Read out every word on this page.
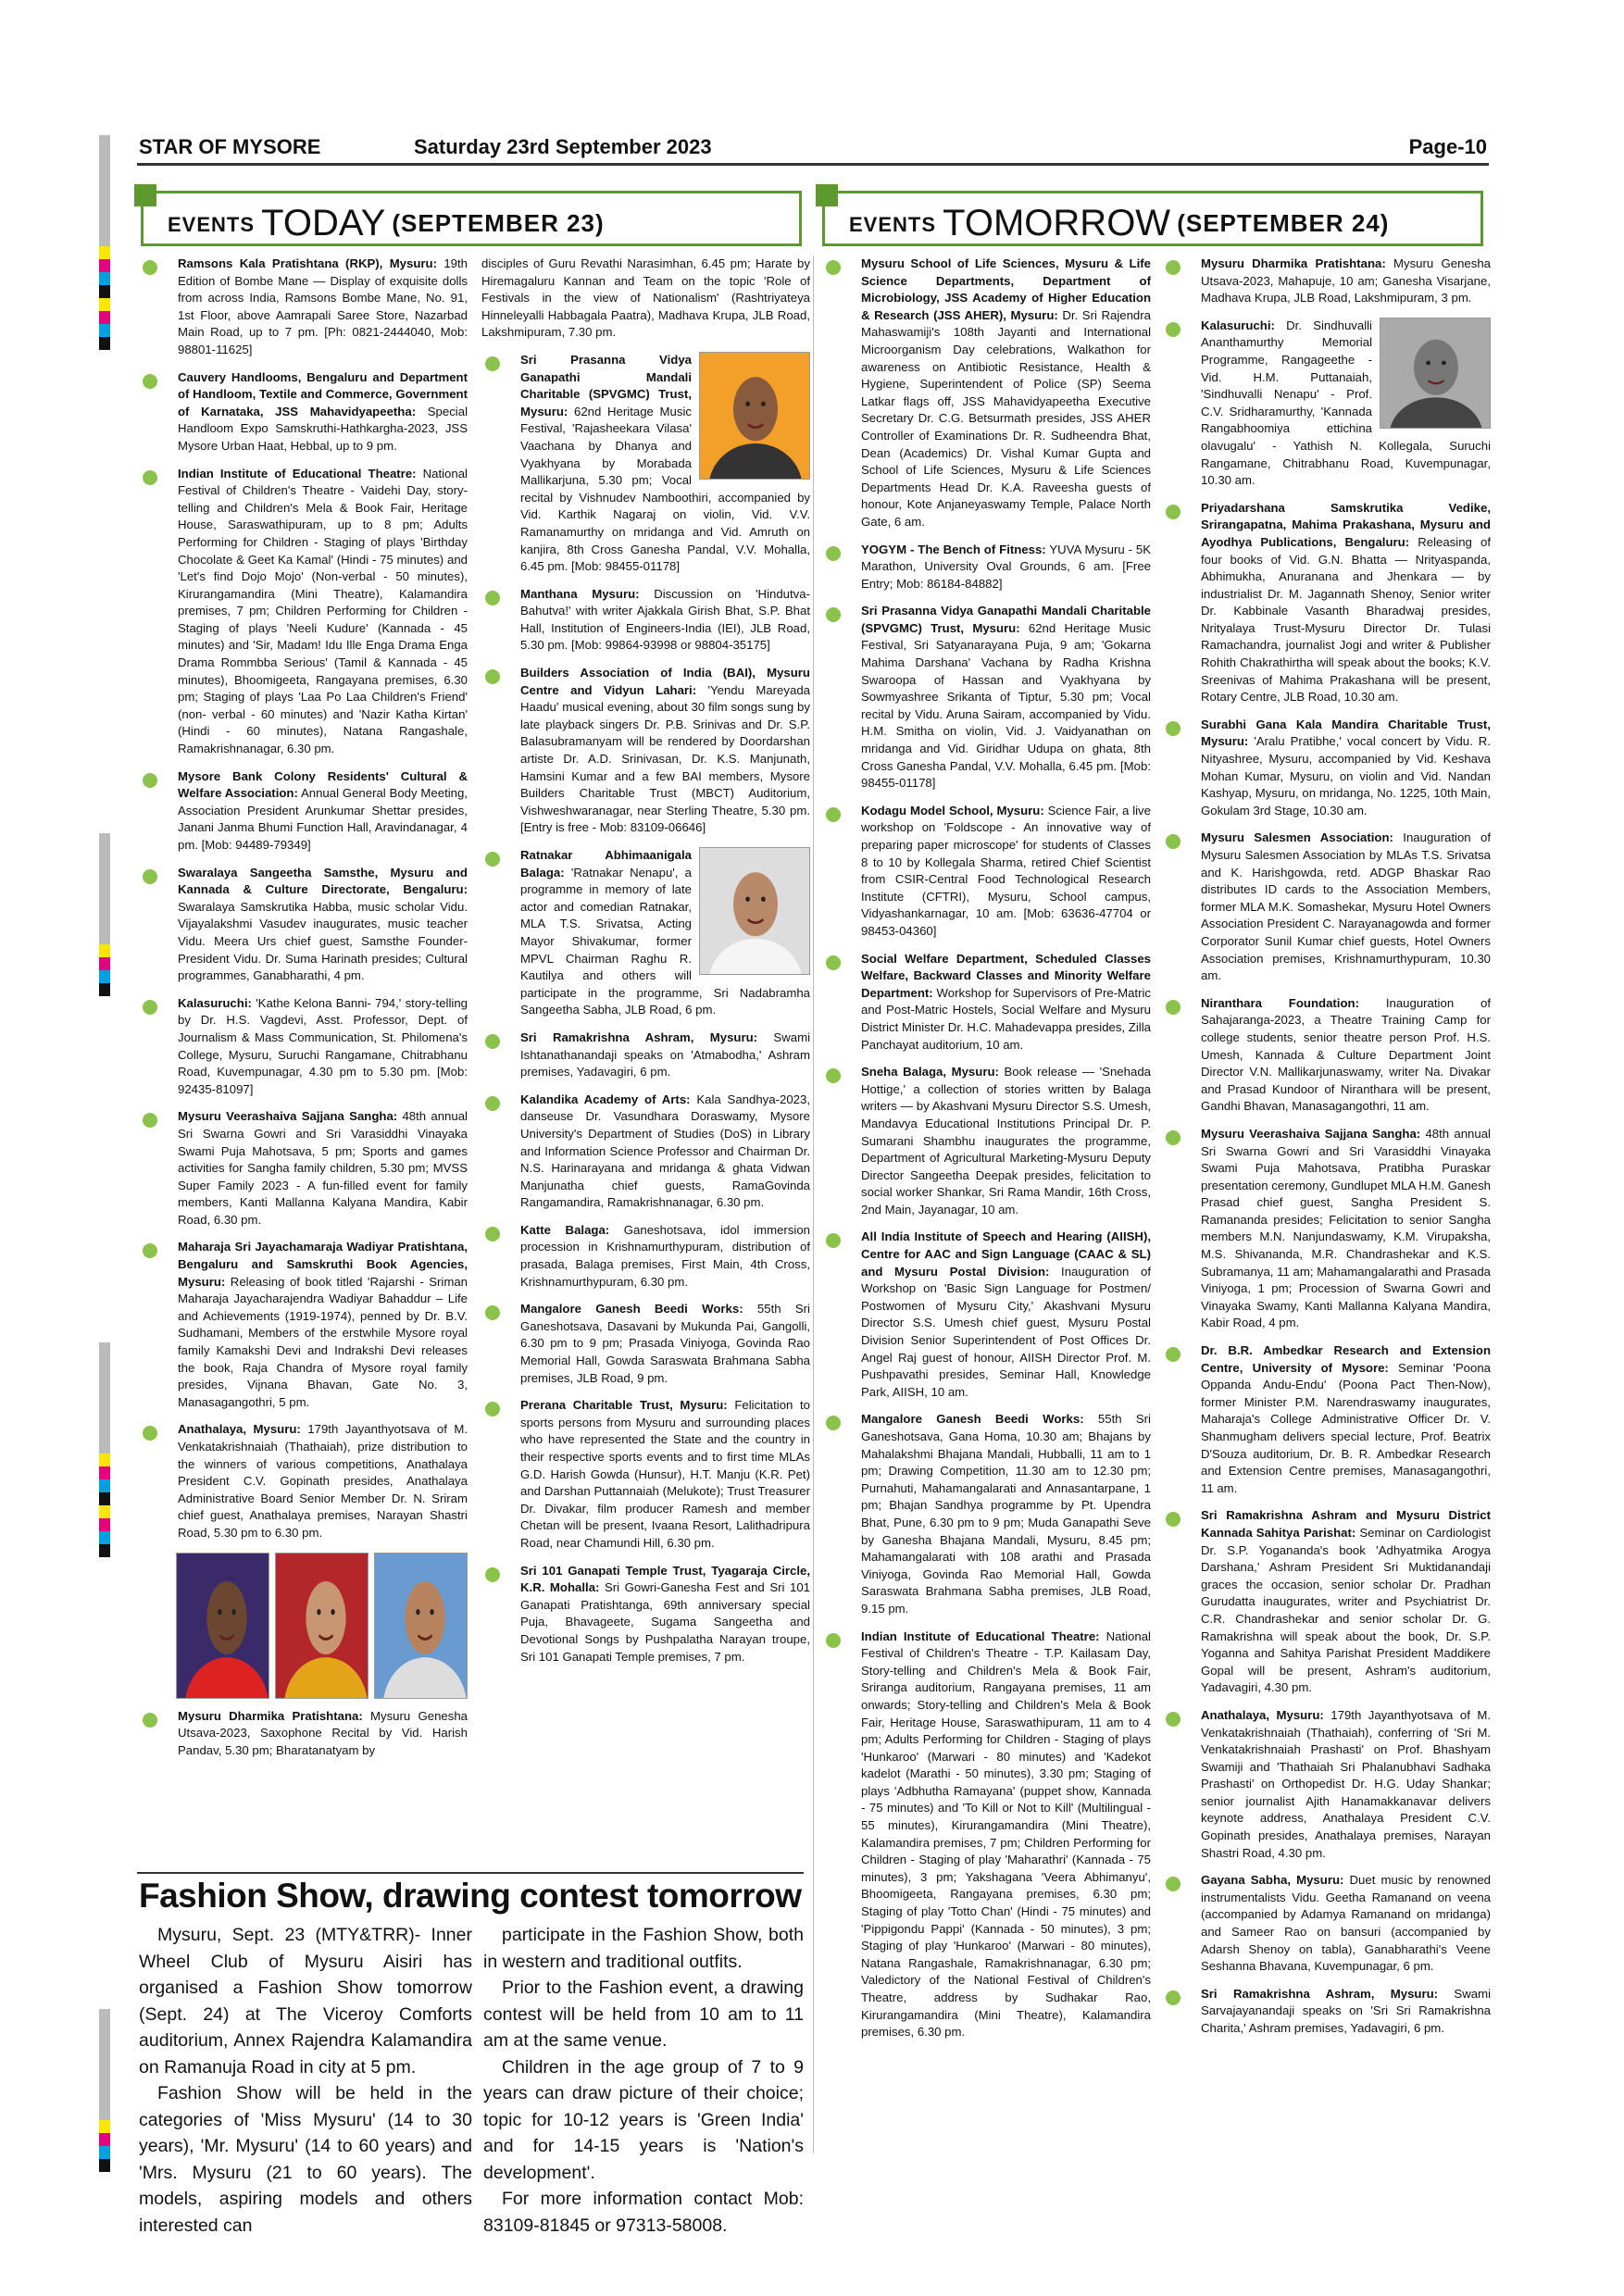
STAR OF MYSORE	Saturday 23rd September 2023	Page-10
EVENTS TODAY (SEPTEMBER 23)	EVENTS TOMORROW (SEPTEMBER 24)
Ramsons Kala Pratishtana (RKP), Mysuru: 19th Edition of Bombe Mane — Display of exquisite dolls from across India, Ramsons Bombe Mane, No. 91, 1st Floor, above Aamrapali Saree Store, Nazarbad Main Road, up to 7 pm. [Ph: 0821-2444040, Mob: 98801-11625]
Cauvery Handlooms, Bengaluru and Department of Handloom, Textile and Commerce, Government of Karnataka, JSS Mahavidyapeetha: Special Handloom Expo Samskruthi-Hathkargha-2023, JSS Mysore Urban Haat, Hebbal, up to 9 pm.
Indian Institute of Educational Theatre: National Festival of Children's Theatre - Vaidehi Day, story-telling and Children's Mela & Book Fair, Heritage House, Saraswathipuram, up to 8 pm; Adults Performing for Children - Staging of plays 'Birthday Chocolate & Geet Ka Kamal' (Hindi - 75 minutes) and 'Let's find Dojo Mojo' (Non-verbal - 50 minutes), Kirurangamandira (Mini Theatre), Kalamandira premises, 7 pm; Children Performing for Children - Staging of plays 'Neeli Kudure' (Kannada - 45 minutes) and 'Sir, Madam! Idu Ille Enga Drama Enga Drama Rommbba Serious' (Tamil & Kannada - 45 minutes), Bhoomigeeta, Rangayana premises, 6.30 pm; Staging of plays 'Laa Po Laa Children's Friend' (non- verbal - 60 minutes) and 'Nazir Katha Kirtan' (Hindi - 60 minutes), Natana Rangashale, Ramakrishnanagar, 6.30 pm.
Mysore Bank Colony Residents' Cultural & Welfare Association: Annual General Body Meeting, Association President Arunkumar Shettar presides, Janani Janma Bhumi Function Hall, Aravindanagar, 4 pm. [Mob: 94489-79349]
Swaralaya Sangeetha Samsthe, Mysuru and Kannada & Culture Directorate, Bengaluru: Swaralaya Samskrutika Habba, music scholar Vidu. Vijayalakshmi Vasudev inaugurates, music teacher Vidu. Meera Urs chief guest, Samsthe Founder-President Vidu. Dr. Suma Harinath presides; Cultural programmes, Ganabharathi, 4 pm.
Kalasuruchi: 'Kathe Kelona Banni- 794,' story-telling by Dr. H.S. Vagdevi, Asst. Professor, Dept. of Journalism & Mass Communication, St. Philomena's College, Mysuru, Suruchi Rangamane, Chitrabhanu Road, Kuvempunagar, 4.30 pm to 5.30 pm. [Mob: 92435-81097]
Mysuru Veerashaiva Sajjana Sangha: 48th annual Sri Swarna Gowri and Sri Varasiddhi Vinayaka Swami Puja Mahotsava, 5 pm; Sports and games activities for Sangha family children, 5.30 pm; MVSS Super Family 2023 - A fun-filled event for family members, Kanti Mallanna Kalyana Mandira, Kabir Road, 6.30 pm.
Maharaja Sri Jayachamaraja Wadiyar Pratishtana, Bengaluru and Samskruthi Book Agencies, Mysuru: Releasing of book titled 'Rajarshi - Sriman Maharaja Jayacharajendra Wadiyar Bahaddur – Life and Achievements (1919-1974), penned by Dr. B.V. Sudhamani, Members of the erstwhile Mysore royal family Kamakshi Devi and Indrakshi Devi releases the book, Raja Chandra of Mysore royal family presides, Vijnana Bhavan, Gate No. 3, Manasagangothri, 5 pm.
Anathalaya, Mysuru: 179th Jayanthyotsava of M. Venkatakrishnaiah (Thathaiah), prize distribution to the winners of various competitions, Anathalaya President C.V. Gopinath presides, Anathalaya Administrative Board Senior Member Dr. N. Sriram chief guest, Anathalaya premises, Narayan Shastri Road, 5.30 pm to 6.30 pm.
Mysuru Dharmika Pratishtana: Mysuru Genesha Utsava-2023, Saxophone Recital by Vid. Harish Pandav, 5.30 pm; Bharatanatyam by
disciples of Guru Revathi Narasimhan, 6.45 pm; Harate by Hiremagaluru Kannan and Team on the topic 'Role of Festivals in the view of Nationalism' (Rashtriyateya Hinneleyalli Habbagala Paatra), Madhava Krupa, JLB Road, Lakshmipuram, 7.30 pm.
Sri Prasanna Vidya Ganapathi Mandali Charitable (SPVGMC) Trust, Mysuru: 62nd Heritage Music Festival, 'Rajasheekara Vilasa' Vaachana by Dhanya and Vyakhyana by Morabada Mallikarjuna, 5.30 pm; Vocal recital by Vishnudev Namboothiri, accompanied by Vid. Karthik Nagaraj on violin, Vid. V.V. Ramanamurthy on mridanga and Vid. Amruth on kanjira, 8th Cross Ganesha Pandal, V.V. Mohalla, 6.45 pm. [Mob: 98455-01178]
Manthana Mysuru: Discussion on 'Hindutva-Bahutva!' with writer Ajakkala Girish Bhat, S.P. Bhat Hall, Institution of Engineers-India (IEI), JLB Road, 5.30 pm. [Mob: 99864-93998 or 98804-35175]
Builders Association of India (BAI), Mysuru Centre and Vidyun Lahari: 'Yendu Mareyada Haadu' musical evening, about 30 film songs sung by late playback singers Dr. P.B. Srinivas and Dr. S.P. Balasubramanyam will be rendered by Doordarshan artiste Dr. A.D. Srinivasan, Dr. K.S. Manjunath, Hamsini Kumar and a few BAI members, Mysore Builders Charitable Trust (MBCT) Auditorium, Vishweshwaranagar, near Sterling Theatre, 5.30 pm. [Entry is free - Mob: 83109-06646]
Ratnakar Abhimaanigala Balaga: 'Ratnakar Nenapu', a programme in memory of late actor and comedian Ratnakar, MLA T.S. Srivatsa, Acting Mayor Shivakumar, former MPVL Chairman Raghu R. Kautilya and others will participate in the programme, Sri Nadabramha Sangeetha Sabha, JLB Road, 6 pm.
Sri Ramakrishna Ashram, Mysuru: Swami Ishtanathanandaji speaks on 'Atmabodha,' Ashram premises, Yadavagiri, 6 pm.
Kalandika Academy of Arts: Kala Sandhya-2023, danseuse Dr. Vasundhara Doraswamy, Mysore University's Department of Studies (DoS) in Library and Information Science Professor and Chairman Dr. N.S. Harinarayana and mridanga & ghata Vidwan Manjunatha chief guests, RamaGovinda Rangamandira, Ramakrishnanagar, 6.30 pm.
Katte Balaga: Ganeshotsava, idol immersion procession in Krishnamurthypuram, distribution of prasada, Balaga premises, First Main, 4th Cross, Krishnamurthypuram, 6.30 pm.
Mangalore Ganesh Beedi Works: 55th Sri Ganeshotsava, Dasavani by Mukunda Pai, Gangolli, 6.30 pm to 9 pm; Prasada Viniyoga, Govinda Rao Memorial Hall, Gowda Saraswata Brahmana Sabha premises, JLB Road, 9 pm.
Prerana Charitable Trust, Mysuru: Felicitation to sports persons from Mysuru and surrounding places who have represented the State and the country in their respective sports events and to first time MLAs G.D. Harish Gowda (Hunsur), H.T. Manju (K.R. Pet) and Darshan Puttannaiah (Melukote); Trust Treasurer Dr. Divakar, film producer Ramesh and member Chetan will be present, Ivaana Resort, Lalithadripura Road, near Chamundi Hill, 6.30 pm.
Sri 101 Ganapati Temple Trust, Tyagaraja Circle, K.R. Mohalla: Sri Gowri-Ganesha Fest and Sri 101 Ganapati Pratishtanga, 69th anniversary special Puja, Bhavageete, Sugama Sangeetha and Devotional Songs by Pushpalatha Narayan troupe, Sri 101 Ganapati Temple premises, 7 pm.
Mysuru School of Life Sciences, Mysuru & Life Science Departments, Department of Microbiology, JSS Academy of Higher Education & Research (JSS AHER), Mysuru: Dr. Sri Rajendra Mahaswamiji's 108th Jayanti and International Microorganism Day celebrations, Walkathon for awareness on Antibiotic Resistance, Health & Hygiene, Superintendent of Police (SP) Seema Latkar flags off, JSS Mahavidyapeetha Executive Secretary Dr. C.G. Betsurmath presides, JSS AHER Controller of Examinations Dr. R. Sudheendra Bhat, Dean (Academics) Dr. Vishal Kumar Gupta and School of Life Sciences, Mysuru & Life Sciences Departments Head Dr. K.A. Raveesha guests of honour, Kote Anjaneyaswamy Temple, Palace North Gate, 6 am.
YOGYM - The Bench of Fitness: YUVA Mysuru - 5K Marathon, University Oval Grounds, 6 am. [Free Entry; Mob: 86184-84882]
Sri Prasanna Vidya Ganapathi Mandali Charitable (SPVGMC) Trust, Mysuru: 62nd Heritage Music Festival, Sri Satyanarayana Puja, 9 am; 'Gokarna Mahima Darshana' Vachana by Radha Krishna Swaroopa of Hassan and Vyakhyana by Sowmyashree Srikanta of Tiptur, 5.30 pm; Vocal recital by Vidu. Aruna Sairam, accompanied by Vidu. H.M. Smitha on violin, Vid. J. Vaidyanathan on mridanga and Vid. Giridhar Udupa on ghata, 8th Cross Ganesha Pandal, V.V. Mohalla, 6.45 pm. [Mob: 98455-01178]
Kodagu Model School, Mysuru: Science Fair, a live workshop on 'Foldscope - An innovative way of preparing paper microscope' for students of Classes 8 to 10 by Kollegala Sharma, retired Chief Scientist from CSIR-Central Food Technological Research Institute (CFTRI), Mysuru, School campus, Vidyashankarnagar, 10 am. [Mob: 63636-47704 or 98453-04360]
Social Welfare Department, Scheduled Classes Welfare, Backward Classes and Minority Welfare Department: Workshop for Supervisors of Pre-Matric and Post-Matric Hostels, Social Welfare and Mysuru District Minister Dr. H.C. Mahadevappa presides, Zilla Panchayat auditorium, 10 am.
Sneha Balaga, Mysuru: Book release — 'Snehada Hottige,' a collection of stories written by Balaga writers — by Akashvani Mysuru Director S.S. Umesh, Mandavya Educational Institutions Principal Dr. P. Sumarani Shambhu inaugurates the programme, Department of Agricultural Marketing-Mysuru Deputy Director Sangeetha Deepak presides, felicitation to social worker Shankar, Sri Rama Mandir, 16th Cross, 2nd Main, Jayanagar, 10 am.
All India Institute of Speech and Hearing (AIISH), Centre for AAC and Sign Language (CAAC & SL) and Mysuru Postal Division: Inauguration of Workshop on 'Basic Sign Language for Postmen/ Postwomen of Mysuru City,' Akashvani Mysuru Director S.S. Umesh chief guest, Mysuru Postal Division Senior Superintendent of Post Offices Dr. Angel Raj guest of honour, AIISH Director Prof. M. Pushpavathi presides, Seminar Hall, Knowledge Park, AIISH, 10 am.
Mangalore Ganesh Beedi Works: 55th Sri Ganeshotsava, Gana Homa, 10.30 am; Bhajans by Mahalakshmi Bhajana Mandali, Hubballi, 11 am to 1 pm; Drawing Competition, 11.30 am to 12.30 pm; Purnahuti, Mahamangalarati and Annasantarpane, 1 pm; Bhajan Sandhya programme by Pt. Upendra Bhat, Pune, 6.30 pm to 9 pm; Muda Ganapathi Seve by Ganesha Bhajana Mandali, Mysuru, 8.45 pm; Mahamangalarati with 108 arathi and Prasada Viniyoga, Govinda Rao Memorial Hall, Gowda Saraswata Brahmana Sabha premises, JLB Road, 9.15 pm.
Indian Institute of Educational Theatre: National Festival of Children's Theatre - T.P. Kailasam Day, Story-telling and Children's Mela & Book Fair, Sriranga auditorium, Rangayana premises, 11 am onwards; Story-telling and Children's Mela & Book Fair, Heritage House, Saraswathipuram, 11 am to 4 pm; Adults Performing for Children - Staging of plays 'Hunkaroo' (Marwari - 80 minutes) and 'Kadekot kadelot (Marathi - 50 minutes), 3.30 pm; Staging of plays 'Adbhutha Ramayana' (puppet show, Kannada - 75 minutes) and 'To Kill or Not to Kill' (Multilingual - 55 minutes), Kirurangamandira (Mini Theatre), Kalamandira premises, 7 pm; Children Performing for Children - Staging of play 'Maharathri' (Kannada - 75 minutes), 3 pm; Yakshagana 'Veera Abhimanyu', Bhoomigeeta, Rangayana premises, 6.30 pm; Staging of play 'Totto Chan' (Hindi - 75 minutes) and 'Pippigondu Pappi' (Kannada - 50 minutes), 3 pm; Staging of play 'Hunkaroo' (Marwari - 80 minutes), Natana Rangashale, Ramakrishnanagar, 6.30 pm; Valedictory of the National Festival of Children's Theatre, address by Sudhakar Rao, Kirurangamandira (Mini Theatre), Kalamandira premises, 6.30 pm.
Mysuru Dharmika Pratishtana: Mysuru Genesha Utsava-2023, Mahapuje, 10 am; Ganesha Visarjane, Madhava Krupa, JLB Road, Lakshmipuram, 3 pm.
Kalasuruchi: Dr. Sindhuvalli Ananthamurthy Memorial Programme, Rangageethe - Vid. H.M. Puttanaiah, 'Sindhuvalli Nenapu' - Prof. C.V. Sridharamurthy, 'Kannada Rangabhoomiya ettichina olavugalu' - Yathish N. Kollegala, Suruchi Rangamane, Chitrabhanu Road, Kuvempunagar, 10.30 am.
Priyadarshana Samskrutika Vedike, Srirangapatna, Mahima Prakashana, Mysuru and Ayodhya Publications, Bengaluru: Releasing of four books of Vid. G.N. Bhatta — Nrityaspanda, Abhimukha, Anuranana and Jhenkara — by industrialist Dr. M. Jagannath Shenoy, Senior writer Dr. Kabbinale Vasanth Bharadwaj presides, Nrityalaya Trust-Mysuru Director Dr. Tulasi Ramachandra, journalist Jogi and writer & Publisher Rohith Chakrathirtha will speak about the books; K.V. Sreenivas of Mahima Prakashana will be present, Rotary Centre, JLB Road, 10.30 am.
Surabhi Gana Kala Mandira Charitable Trust, Mysuru: 'Aralu Pratibhe,' vocal concert by Vidu. R. Nityashree, Mysuru, accompanied by Vid. Keshava Mohan Kumar, Mysuru, on violin and Vid. Nandan Kashyap, Mysuru, on mridanga, No. 1225, 10th Main, Gokulam 3rd Stage, 10.30 am.
Mysuru Salesmen Association: Inauguration of Mysuru Salesmen Association by MLAs T.S. Srivatsa and K. Harishgowda, retd. ADGP Bhaskar Rao distributes ID cards to the Association Members, former MLA M.K. Somashekar, Mysuru Hotel Owners Association President C. Narayanagowda and former Corporator Sunil Kumar chief guests, Hotel Owners Association premises, Krishnamurthypuram, 10.30 am.
Niranthara Foundation: Inauguration of Sahajaranga-2023, a Theatre Training Camp for college students, senior theatre person Prof. H.S. Umesh, Kannada & Culture Department Joint Director V.N. Mallikarjunaswamy, writer Na. Divakar and Prasad Kundoor of Niranthara will be present, Gandhi Bhavan, Manasagangothri, 11 am.
Mysuru Veerashaiva Sajjana Sangha: 48th annual Sri Swarna Gowri and Sri Varasiddhi Vinayaka Swami Puja Mahotsava, Pratibha Puraskar presentation ceremony, Gundlupet MLA H.M. Ganesh Prasad chief guest, Sangha President S. Ramananda presides; Felicitation to senior Sangha members M.N. Nanjundaswamy, K.M. Virupaksha, M.S. Shivananda, M.R. Chandrashekar and K.S. Subramanya, 11 am; Mahamangalarathi and Prasada Viniyoga, 1 pm; Procession of Swarna Gowri and Vinayaka Swamy, Kanti Mallanna Kalyana Mandira, Kabir Road, 4 pm.
Dr. B.R. Ambedkar Research and Extension Centre, University of Mysore: Seminar 'Poona Oppanda Andu-Endu' (Poona Pact Then-Now), former Minister P.M. Narendraswamy inaugurates, Maharaja's College Administrative Officer Dr. V. Shanmugham delivers special lecture, Prof. Beatrix D'Souza auditorium, Dr. B. R. Ambedkar Research and Extension Centre premises, Manasagangothri, 11 am.
Sri Ramakrishna Ashram and Mysuru District Kannada Sahitya Parishat: Seminar on Cardiologist Dr. S.P. Yogananda's book 'Adhyatmika Arogya Darshana,' Ashram President Sri Muktidanandaji graces the occasion, senior scholar Dr. Pradhan Gurudatta inaugurates, writer and Psychiatrist Dr. C.R. Chandrashekar and senior scholar Dr. G. Ramakrishna will speak about the book, Dr. S.P. Yoganna and Sahitya Parishat President Maddikere Gopal will be present, Ashram's auditorium, Yadavagiri, 4.30 pm.
Anathalaya, Mysuru: 179th Jayanthyotsava of M. Venkatakrishnaiah (Thathaiah), conferring of 'Sri M. Venkatakrishnaiah Prashasti' on Prof. Bhashyam Swamiji and 'Thathaiah Sri Phalanubhavi Sadhaka Prashasti' on Orthopedist Dr. H.G. Uday Shankar; senior journalist Ajith Hanamakkanavar delivers keynote address, Anathalaya President C.V. Gopinath presides, Anathalaya premises, Narayan Shastri Road, 4.30 pm.
Gayana Sabha, Mysuru: Duet music by renowned instrumentalists Vidu. Geetha Ramanand on veena (accompanied by Adamya Ramanand on mridanga) and Sameer Rao on bansuri (accompanied by Adarsh Shenoy on tabla), Ganabharathi's Veene Seshanna Bhavana, Kuvempunagar, 6 pm.
Sri Ramakrishna Ashram, Mysuru: Swami Sarvajayanandaji speaks on 'Sri Sri Ramakrishna Charita,' Ashram premises, Yadavagiri, 6 pm.
Fashion Show, drawing contest tomorrow

Mysuru, Sept. 23 (MTY&TRR)- Inner Wheel Club of Mysuru Aisiri has organised a Fashion Show tomorrow (Sept. 24) at The Viceroy Comforts auditorium, Annex Rajendra Kalamandira on Ramanuja Road in city at 5 pm.

Fashion Show will be held in the categories of 'Miss Mysuru' (14 to 30 years), 'Mr. Mysuru' (14 to 60 years) and 'Mrs. Mysuru (21 to 60 years). The models, aspiring models and others interested can

participate in the Fashion Show, both in western and traditional outfits.

Prior to the Fashion event, a drawing contest will be held from 10 am to 11 am at the same venue.

Children in the age group of 7 to 9 years can draw picture of their choice; topic for 10-12 years is 'Green India' and for 14-15 years is 'Nation's development'.

For more information contact Mob: 83109-81845 or 97313-58008.
